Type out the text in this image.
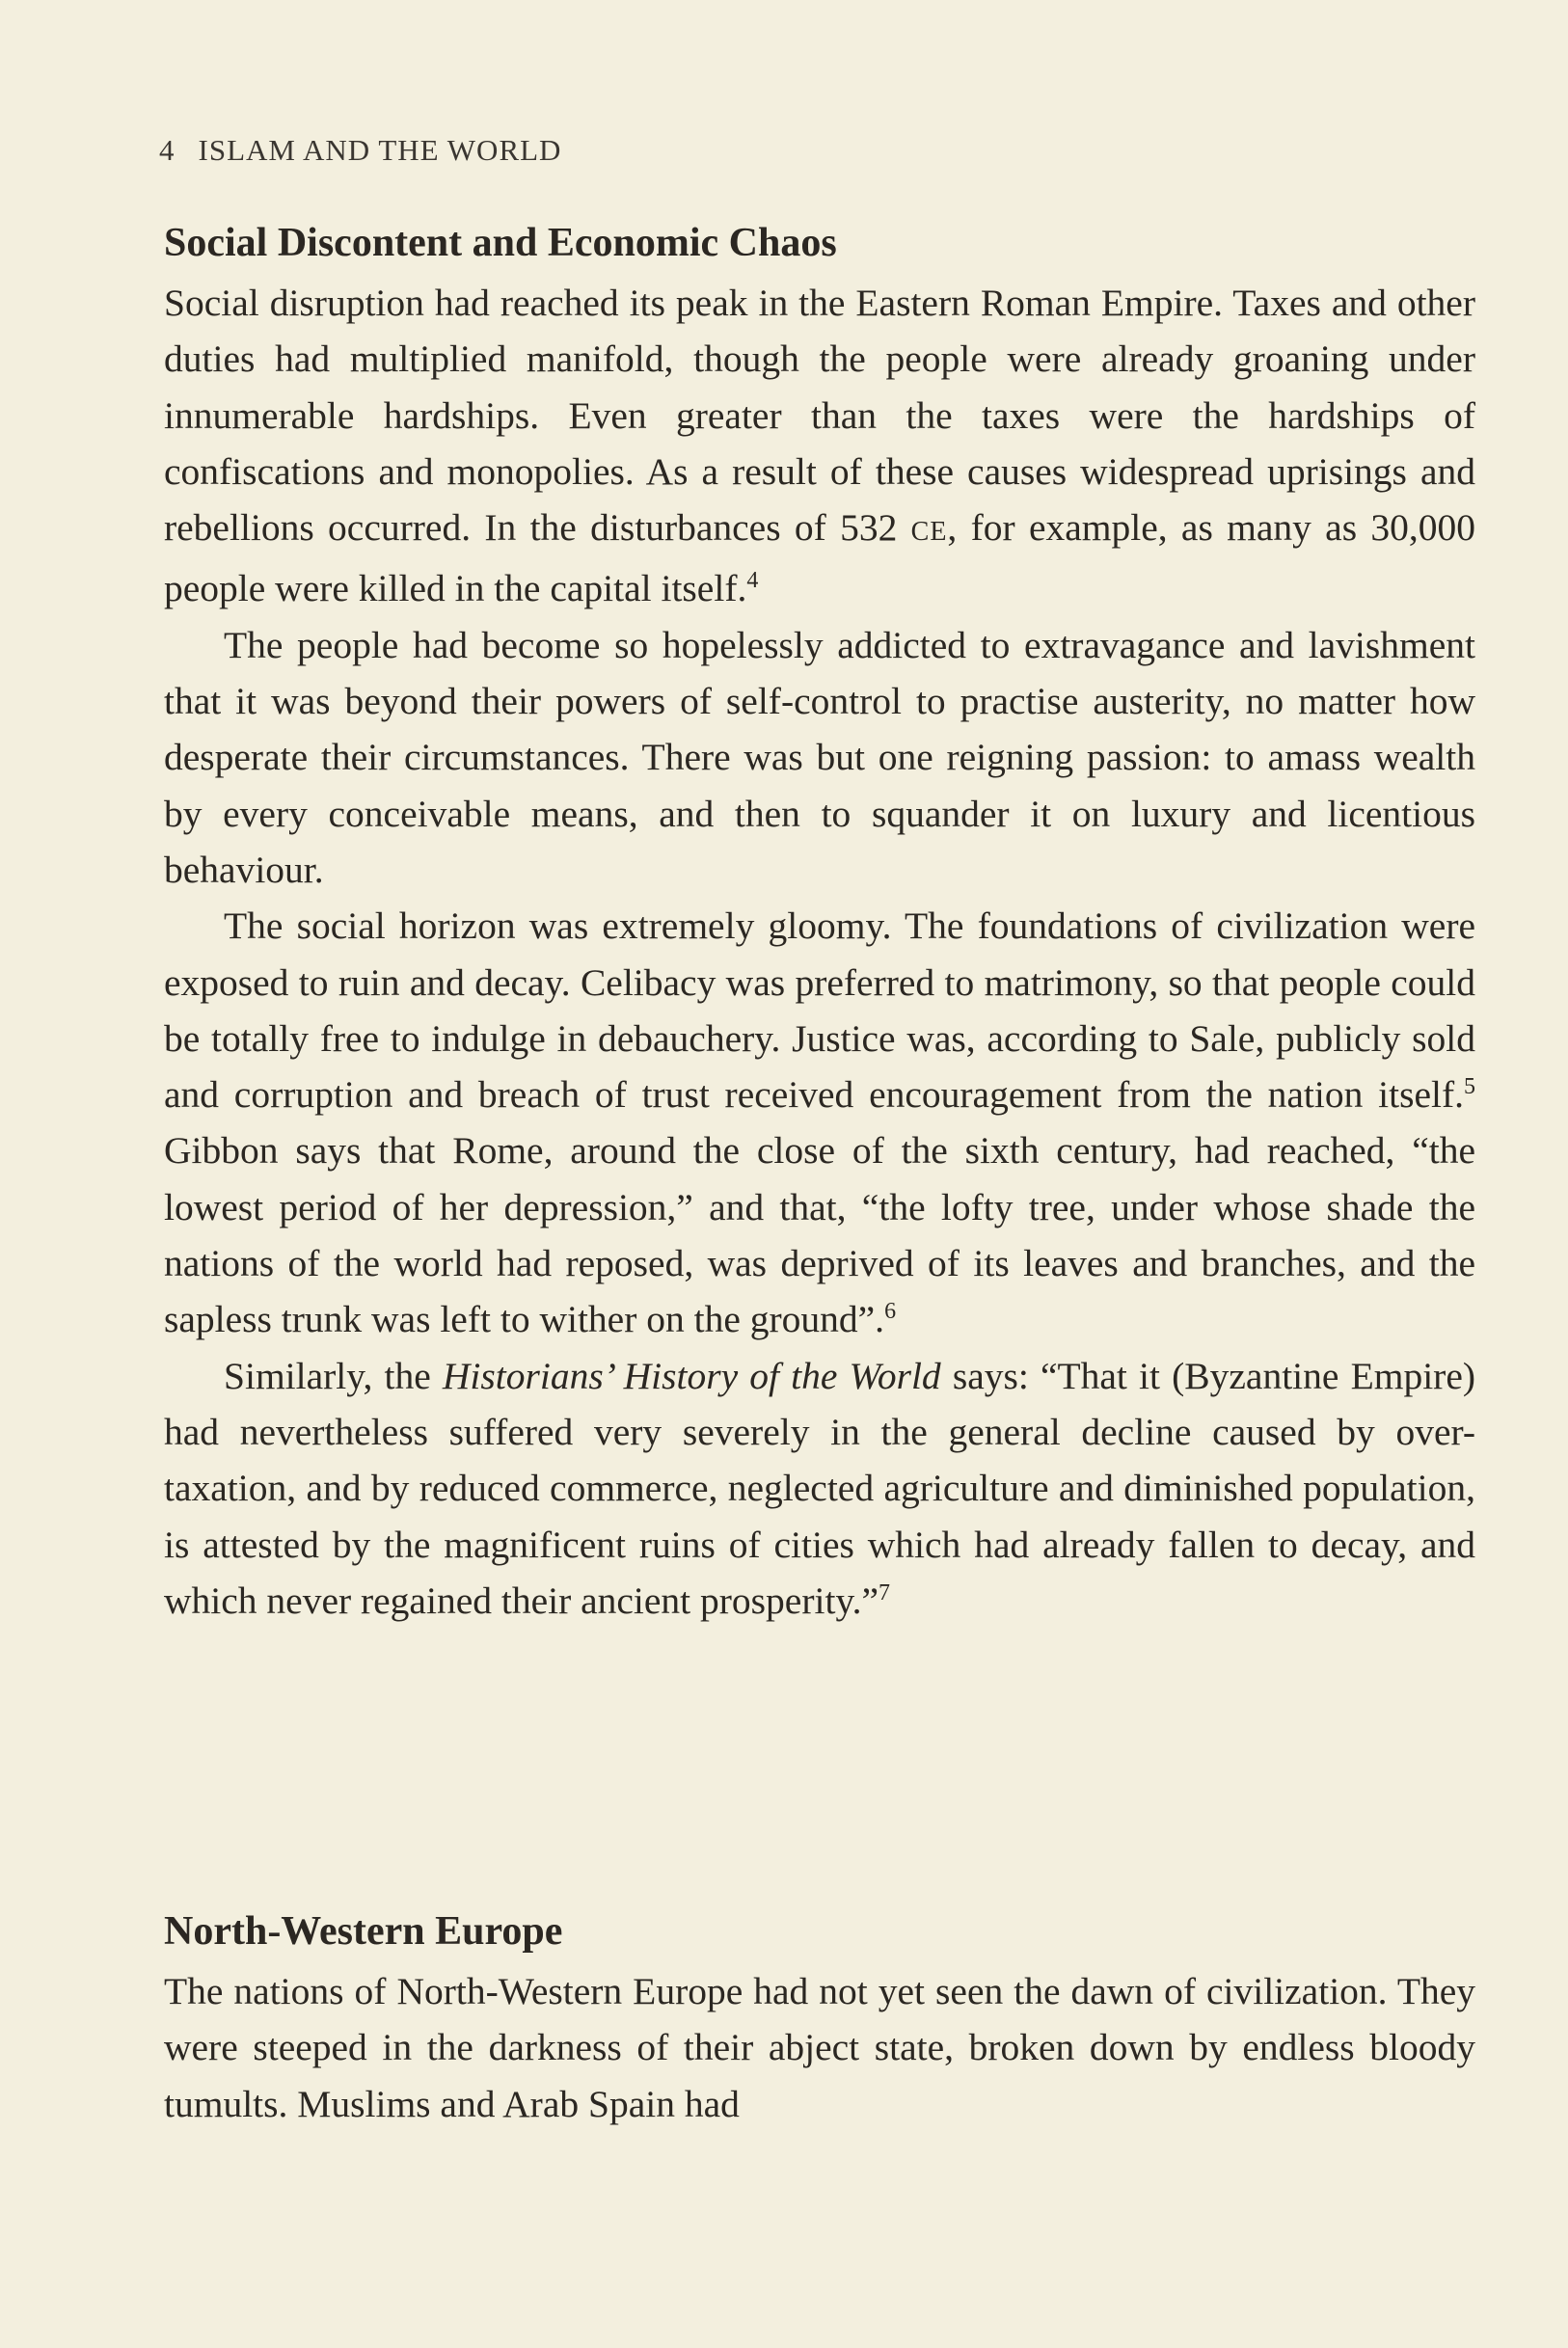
4 ISLAM AND THE WORLD
Social Discontent and Economic Chaos

Social disruption had reached its peak in the Eastern Roman Empire. Taxes and other duties had multiplied manifold, though the people were already groaning under innumerable hardships. Even greater than the taxes were the hardships of confiscations and monopolies. As a result of these causes widespread uprisings and rebellions occurred. In the disturbances of 532 CE, for example, as many as 30,000 people were killed in the capital itself.$^4$

The people had become so hopelessly addicted to extravagance and lavishment that it was beyond their powers of self-control to practise austerity, no matter how desperate their circumstances. There was but one reigning passion: to amass wealth by every conceivable means, and then to squander it on luxury and licentious behaviour.

The social horizon was extremely gloomy. The foundations of civilization were exposed to ruin and decay. Celibacy was preferred to matrimony, so that people could be totally free to indulge in debauchery. Justice was, according to Sale, publicly sold and corruption and breach of trust received encouragement from the nation itself.$^5$ Gibbon says that Rome, around the close of the sixth century, had reached, “the lowest period of her depression,” and that, “the lofty tree, under whose shade the nations of the world had reposed, was deprived of its leaves and branches, and the sapless trunk was left to wither on the ground”.$^6$

Similarly, the Historians’ History of the World says: “That it (Byzantine Empire) had nevertheless suffered very severely in the general decline caused by over-taxation, and by reduced commerce, neglected agriculture and diminished population, is attested by the magnificent ruins of cities which had already fallen to decay, and which never regained their ancient prosperity.”$^7$

North-Western Europe

The nations of North-Western Europe had not yet seen the dawn of civilization. They were steeped in the darkness of their abject state, broken down by endless bloody tumults. Muslims and Arab Spain had
